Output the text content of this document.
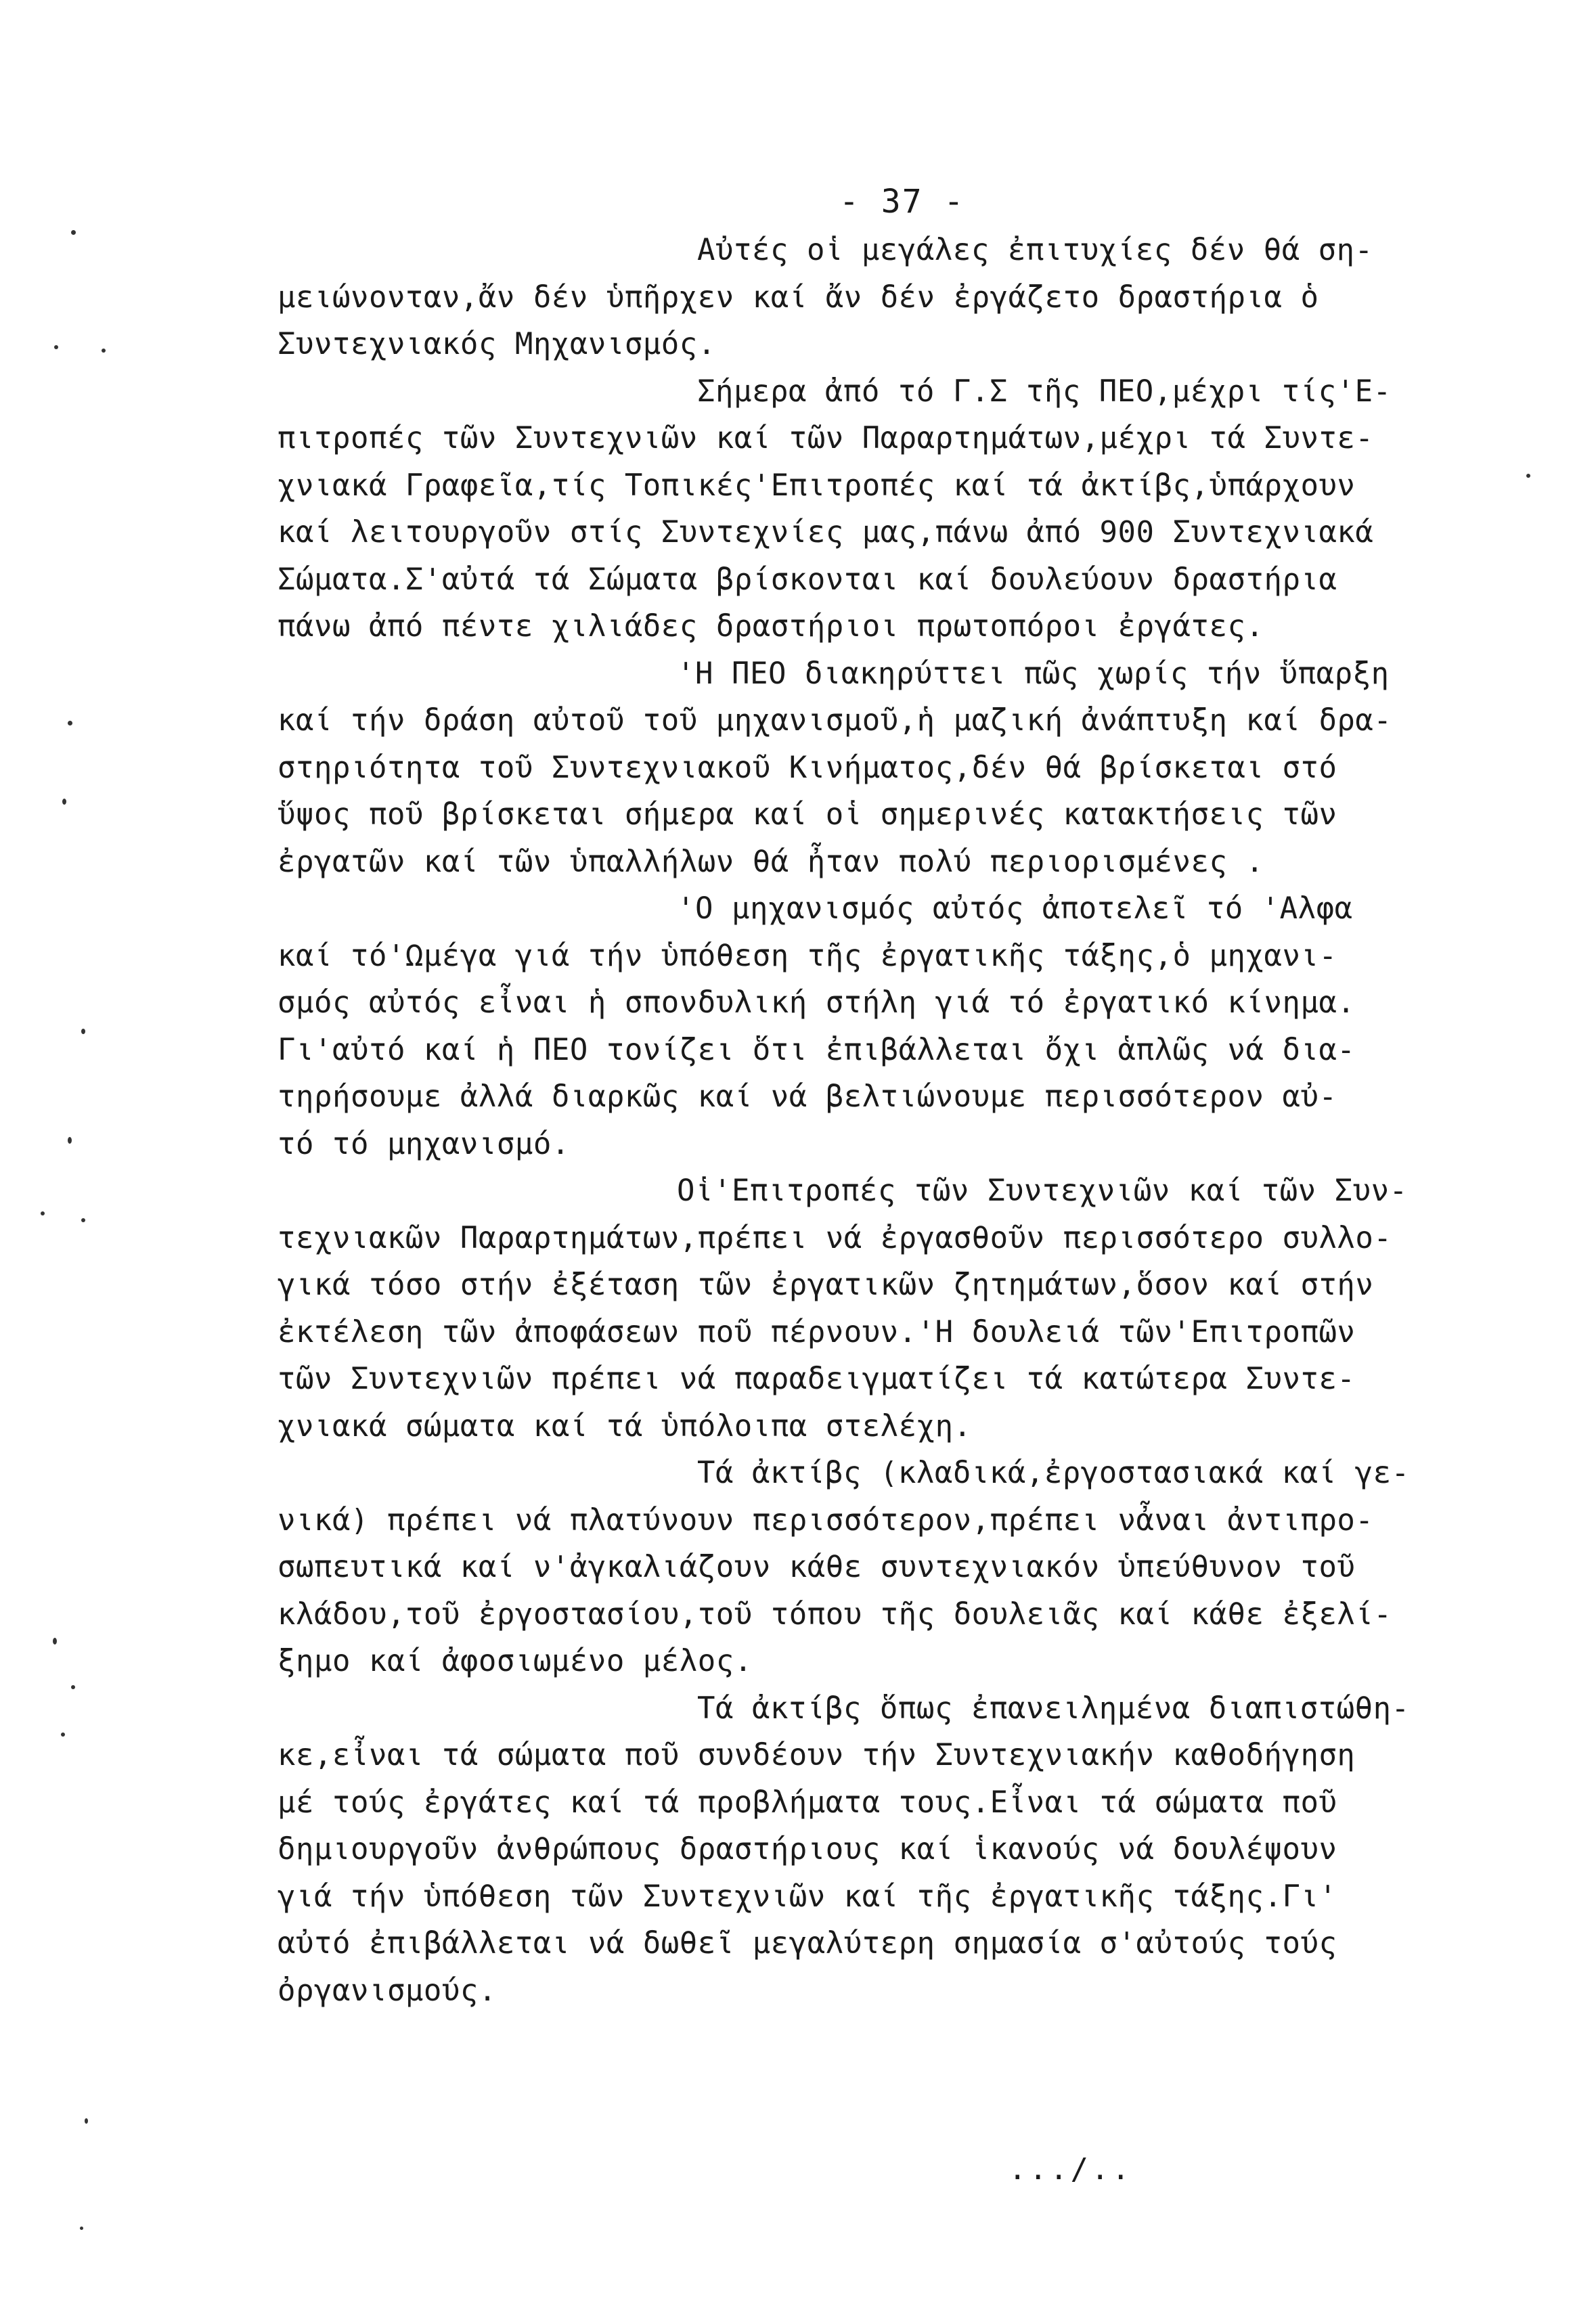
- 37 -
Αὐτές οἱ μεγάλες ἐπιτυχίες δέν θά ση-
μειώνονταν,ἄν δέν ὑπῆρχεν καί ἄν δέν ἐργάζετο δραστήρια ὁ
Συντεχνιακός Μηχανισμός.
Σήμερα ἀπό τό Γ.Σ τῆς ΠΕΟ,μέχρι τίς'Ε-
πιτροπές τῶν Συντεχνιῶν καί τῶν Παραρτημάτων,μέχρι τά Συντε-
χνιακά Γραφεῖα,τίς Τοπικές'Επιτροπές καί τά ἀκτίβς,ὑπάρχουν
καί λειτουργοῦν στίς Συντεχνίες μας,πάνω ἀπό 900 Συντεχνιακά
Σώματα.Σ'αὐτά τά Σώματα βρίσκονται καί δουλεύουν δραστήρια
πάνω ἀπό πέντε χιλιάδες δραστήριοι πρωτοπόροι ἐργάτες.
'Η ΠΕΟ διακηρύττει πῶς χωρίς τήν ὕπαρξη
καί τήν δράση αὐτοῦ τοῦ μηχανισμοῦ,ἡ μαζική ἀνάπτυξη καί δρα-
στηριότητα τοῦ Συντεχνιακοῦ Κινήματος,δέν θά βρίσκεται στό
ὕψος ποῦ βρίσκεται σήμερα καί οἱ σημερινές κατακτήσεις τῶν
ἐργατῶν καί τῶν ὑπαλλήλων θά ἦταν πολύ περιορισμένες .
'Ο μηχανισμός αὐτός ἀποτελεῖ τό 'Αλφα
καί τό'Ωμέγα γιά τήν ὑπόθεση τῆς ἐργατικῆς τάξης,ὁ μηχανι-
σμός αὐτός εἶναι ἡ σπονδυλική στήλη γιά τό ἐργατικό κίνημα.
Γι'αὐτό καί ἡ ΠΕΟ τονίζει ὅτι ἐπιβάλλεται ὄχι ἁπλῶς νά δια-
τηρήσουμε ἀλλά διαρκῶς καί νά βελτιώνουμε περισσότερον αὐ-
τό τό μηχανισμό.
Οἱ'Επιτροπές τῶν Συντεχνιῶν καί τῶν Συν-
τεχνιακῶν Παραρτημάτων,πρέπει νά ἐργασθοῦν περισσότερο συλλο-
γικά τόσο στήν ἐξέταση τῶν ἐργατικῶν ζητημάτων,ὅσον καί στήν
ἐκτέλεση τῶν ἀποφάσεων ποῦ πέρνουν.'Η δουλειά τῶν'Επιτροπῶν
τῶν Συντεχνιῶν πρέπει νά παραδειγματίζει τά κατώτερα Συντε-
χνιακά σώματα καί τά ὑπόλοιπα στελέχη.
Τά ἀκτίβς (κλαδικά,ἐργοστασιακά καί γε-
νικά) πρέπει νά πλατύνουν περισσότερον,πρέπει νἆναι ἀντιπρο-
σωπευτικά καί ν'ἀγκαλιάζουν κάθε συντεχνιακόν ὑπεύθυνον τοῦ
κλάδου,τοῦ ἐργοστασίου,τοῦ τόπου τῆς δουλειᾶς καί κάθε ἐξελί-
ξημο καί ἀφοσιωμένο μέλος.
Τά ἀκτίβς ὅπως ἐπανειλημένα διαπιστώθη-
κε,εἶναι τά σώματα ποῦ συνδέουν τήν Συντεχνιακήν καθοδήγηση
μέ τούς ἐργάτες καί τά προβλήματα τους.Εἶναι τά σώματα ποῦ
δημιουργοῦν ἀνθρώπους δραστήριους καί ἱκανούς νά δουλέψουν
γιά τήν ὑπόθεση τῶν Συντεχνιῶν καί τῆς ἐργατικῆς τάξης.Γι'
αὐτό ἐπιβάλλεται νά δωθεῖ μεγαλύτερη σημασία σ'αὐτούς τούς
ὀργανισμούς.
.../..
